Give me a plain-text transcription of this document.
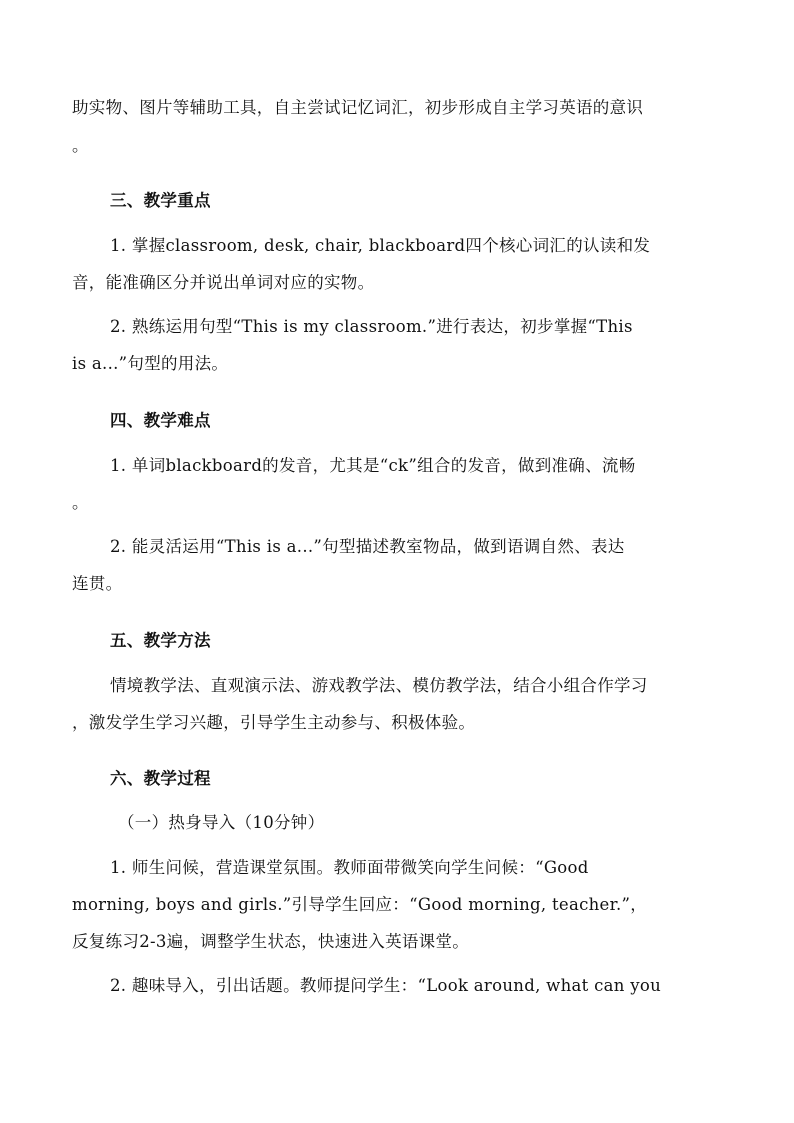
助实物、图片等辅助工具，自主尝试记忆词汇，初步形成自主学习英语的意识
。
三、教学重点
1. 掌握classroom, desk, chair, blackboard四个核心词汇的认读和发
音，能准确区分并说出单词对应的实物。
2. 熟练运用句型“This is my classroom.”进行表达，初步掌握“This
is a...”句型的用法。
四、教学难点
1. 单词blackboard的发音，尤其是“ck”组合的发音，做到准确、流畅
。
2. 能灵活运用“This is a...”句型描述教室物品，做到语调自然、表达
连贯。
五、教学方法
情境教学法、直观演示法、游戏教学法、模仿教学法，结合小组合作学习
，激发学生学习兴趣，引导学生主动参与、积极体验。
六、教学过程
（一）热身导入（10分钟）
1. 师生问候，营造课堂氛围。教师面带微笑向学生问候：“Good
morning, boys and girls.”引导学生回应：“Good morning, teacher.”，
反复练习2-3遍，调整学生状态，快速进入英语课堂。
2. 趣味导入，引出话题。教师提问学生：“Look around, what can you
